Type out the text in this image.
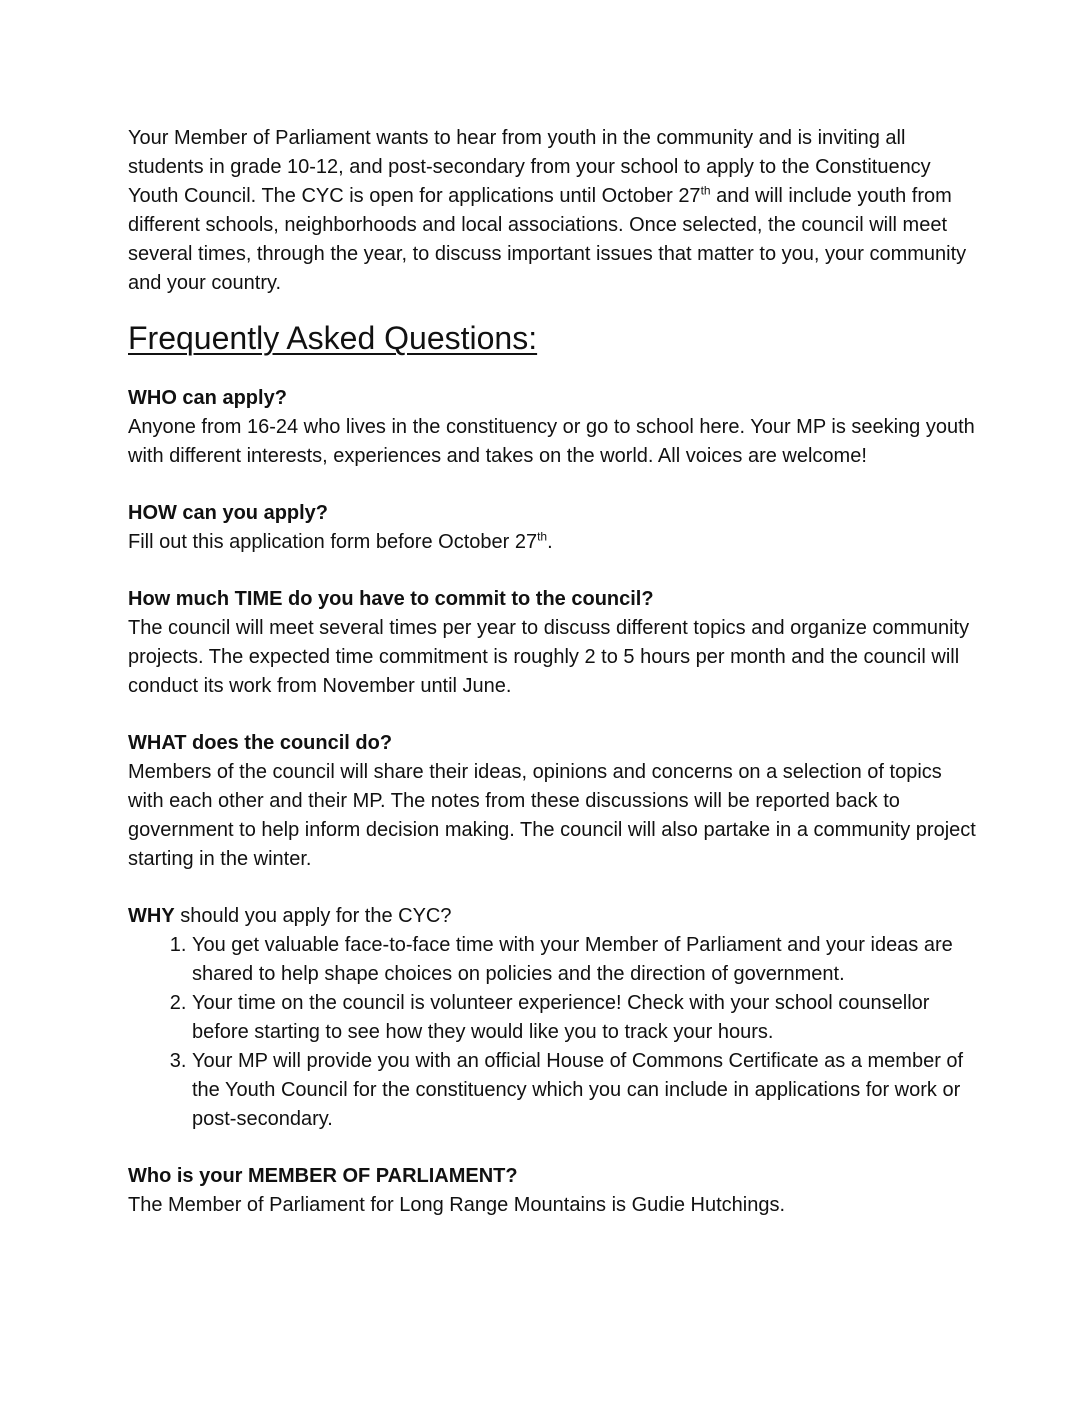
Your Member of Parliament wants to hear from youth in the community and is inviting all students in grade 10-12, and post-secondary from your school to apply to the Constituency Youth Council. The CYC is open for applications until October 27th and will include youth from different schools, neighborhoods and local associations. Once selected, the council will meet several times, through the year, to discuss important issues that matter to you, your community and your country.

Frequently Asked Questions:
WHO can apply?

Anyone from 16-24 who lives in the constituency or go to school here. Your MP is seeking youth with different interests, experiences and takes on the world. All voices are welcome!

HOW can you apply?

Fill out this application form before October 27th.

How much TIME do you have to commit to the council?

The council will meet several times per year to discuss different topics and organize community projects. The expected time commitment is roughly 2 to 5 hours per month and the council will conduct its work from November until June.

WHAT does the council do?

Members of the council will share their ideas, opinions and concerns on a selection of topics with each other and their MP. The notes from these discussions will be reported back to government to help inform decision making. The council will also partake in a community project starting in the winter.

WHY should you apply for the CYC?

1. You get valuable face-to-face time with your Member of Parliament and your ideas are shared to help shape choices on policies and the direction of government.
2. Your time on the council is volunteer experience! Check with your school counsellor before starting to see how they would like you to track your hours.
3. Your MP will provide you with an official House of Commons Certificate as a member of the Youth Council for the constituency which you can include in applications for work or post-secondary.
Who is your MEMBER OF PARLIAMENT?

The Member of Parliament for Long Range Mountains is Gudie Hutchings.
